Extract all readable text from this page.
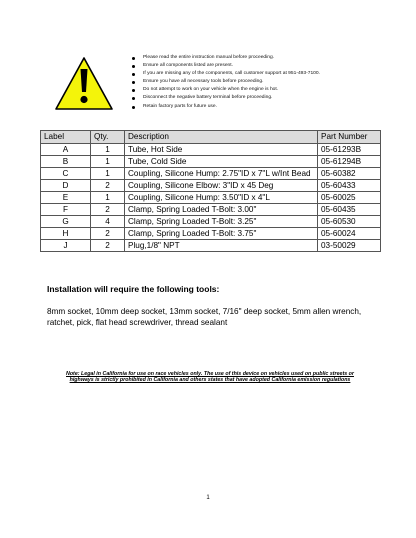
Please read the entire instruction manual before proceeding.
Ensure all components listed are present.
If you are missing any of the components, call customer support at 951-493-7100.
Ensure you have all necessary tools before proceeding.
Do not attempt to work on your vehicle when the engine is hot.
Disconnect the negative battery terminal before proceeding.
Retain factory parts for future use.
Label	Qty.	Description	Part Number
A	1	Tube, Hot Side	05-61293B
B	1	Tube, Cold Side	05-61294B
C	1	Coupling, Silicone Hump: 2.75"ID x 7"L w/Int Bead	05-60382
D	2	Coupling, Silicone Elbow: 3"ID x 45 Deg	05-60433
E	1	Coupling, Silicone Hump: 3.50"ID x 4"L	05-60025
F	2	Clamp, Spring Loaded T-Bolt: 3.00"	05-60435
G	4	Clamp, Spring Loaded T-Bolt: 3.25"	05-60530
H	2	Clamp, Spring Loaded T-Bolt: 3.75"	05-60024
J	2	Plug,1/8" NPT	03-50029
Installation will require the following tools:

8mm socket, 10mm deep socket, 13mm socket, 7/16" deep socket, 5mm allen wrench, ratchet, pick, flat head screwdriver, thread sealant

Note: Legal in California for use on race vehicles only. The use of this device on vehicles used on public streets or highways is strictly prohibited in California and others states that have adopted California emission regulations

1
